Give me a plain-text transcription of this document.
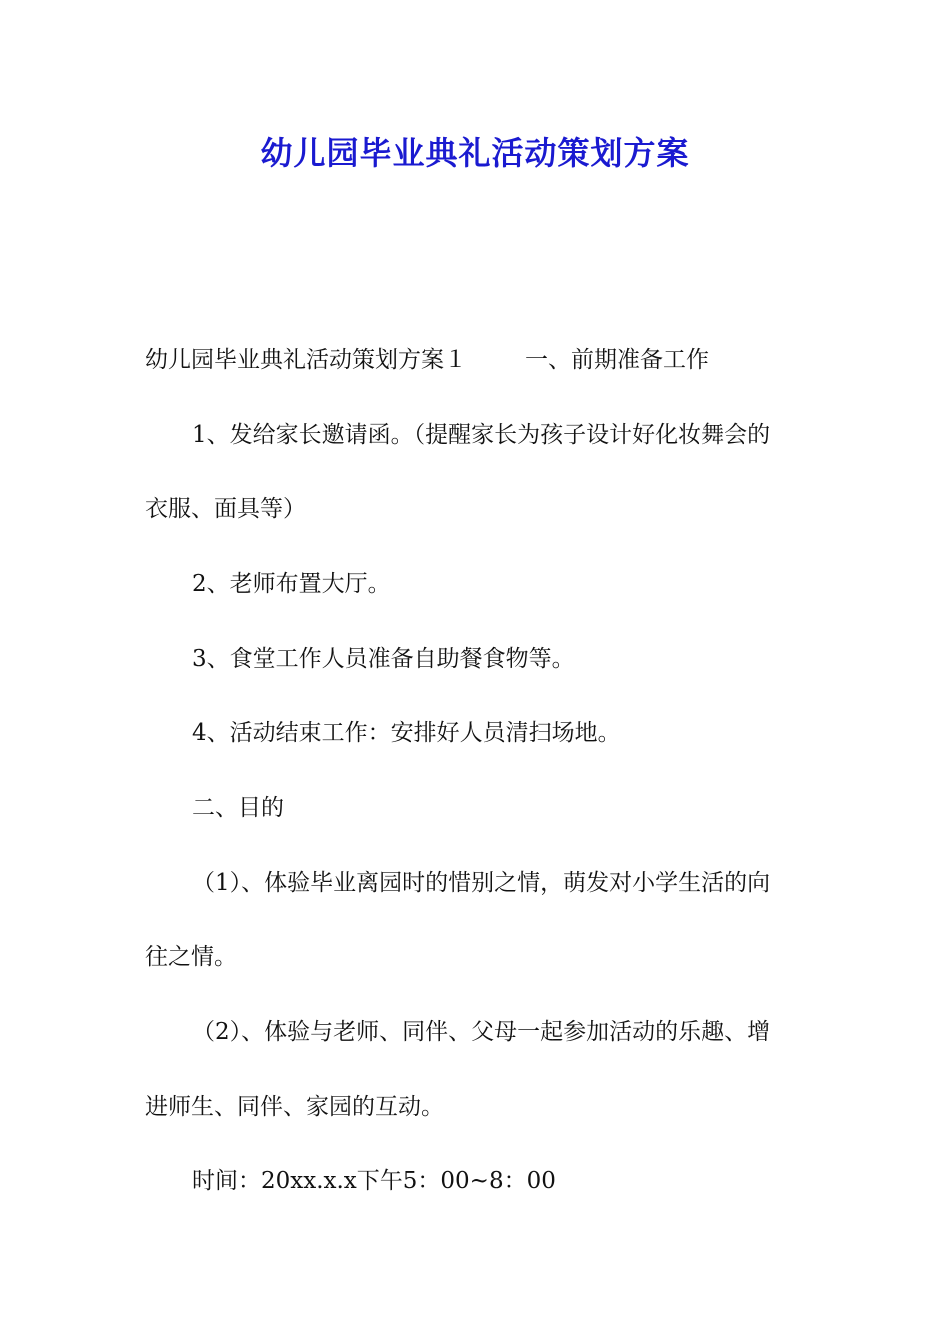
幼儿园毕业典礼活动策划方案
幼儿园毕业典礼活动策划方案１	一、前期准备工作
1、发给家长邀请函。（提醒家长为孩子设计好化妆舞会的
衣服、面具等）
2、老师布置大厅。
3、食堂工作人员准备自助餐食物等。
4、活动结束工作：安排好人员清扫场地。
二、目的
（1）、体验毕业离园时的惜别之情，萌发对小学生活的向
往之情。
（2）、体验与老师、同伴、父母一起参加活动的乐趣、增
进师生、同伴、家园的互动。
时间：20xx.x.x下午5：00~8：00
